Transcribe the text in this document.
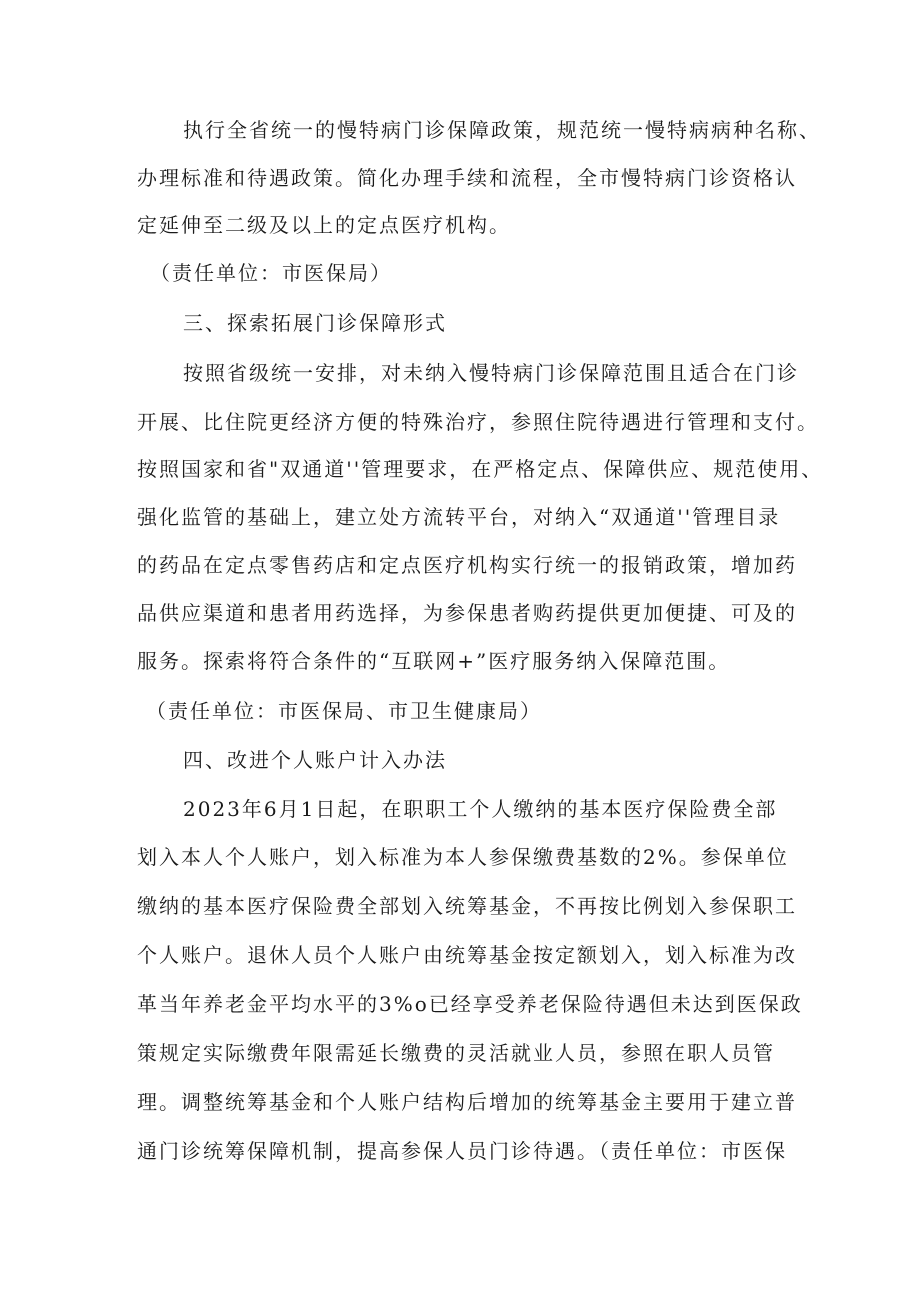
执行全省统一的慢特病门诊保障政策，规范统一慢特病病种名称、
办理标准和待遇政策。简化办理手续和流程，全市慢特病门诊资格认
定延伸至二级及以上的定点医疗机构。
（责任单位：市医保局）
三、探索拓展门诊保障形式
按照省级统一安排，对未纳入慢特病门诊保障范围且适合在门诊
开展、比住院更经济方便的特殊治疗，参照住院待遇进行管理和支付。
按照国家和省"双通道''管理要求，在严格定点、保障供应、规范使用、
强化监管的基础上，建立处方流转平台，对纳入“双通道''管理目录
的药品在定点零售药店和定点医疗机构实行统一的报销政策，增加药
品供应渠道和患者用药选择，为参保患者购药提供更加便捷、可及的
服务。探索将符合条件的“互联网+”医疗服务纳入保障范围。
（责任单位：市医保局、市卫生健康局）
四、改进个人账户计入办法
2023年6月1日起，在职职工个人缴纳的基本医疗保险费全部
划入本人个人账户，划入标准为本人参保缴费基数的2%。参保单位
缴纳的基本医疗保险费全部划入统筹基金，不再按比例划入参保职工
个人账户。退休人员个人账户由统筹基金按定额划入，划入标准为改
革当年养老金平均水平的3%o已经享受养老保险待遇但未达到医保政
策规定实际缴费年限需延长缴费的灵活就业人员，参照在职人员管
理。调整统筹基金和个人账户结构后增加的统筹基金主要用于建立普
通门诊统筹保障机制，提高参保人员门诊待遇。（责任单位：市医保
